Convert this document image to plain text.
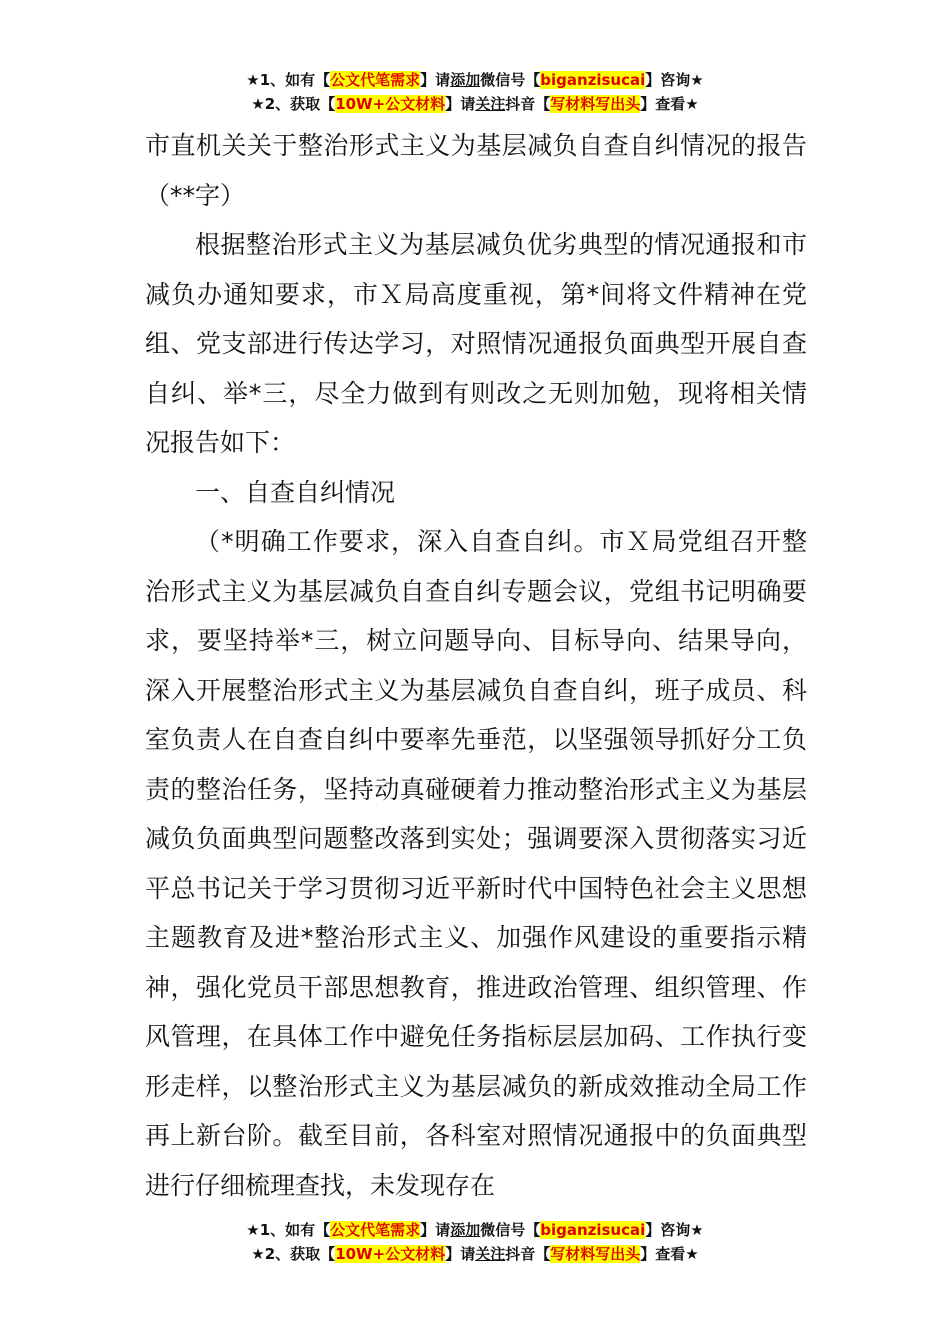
★1、如有【公文代笔需求】请添加微信号【biganzisucai】咨询★
★2、获取【10W+公文材料】请关注抖音【写材料写出头】查看★

市直机关关于整治形式主义为基层减负自查自纠情况的报告（**字）

根据整治形式主义为基层减负优劣典型的情况通报和市减负办通知要求，市Ｘ局高度重视，第*间将文件精神在党组、党支部进行传达学习，对照情况通报负面典型开展自查自纠、举*三，尽全力做到有则改之无则加勉，现将相关情况报告如下：

一、自查自纠情况

（*明确工作要求，深入自查自纠。市Ｘ局党组召开整治形式主义为基层减负自查自纠专题会议，党组书记明确要求，要坚持举*三，树立问题导向、目标导向、结果导向，深入开展整治形式主义为基层减负自查自纠，班子成员、科室负责人在自查自纠中要率先垂范，以坚强领导抓好分工负责的整治任务，坚持动真碰硬着力推动整治形式主义为基层减负负面典型问题整改落到实处；强调要深入贯彻落实习近平总书记关于学习贯彻习近平新时代中国特色社会主义思想主题教育及进*整治形式主义、加强作风建设的重要指示精神，强化党员干部思想教育，推进政治管理、组织管理、作风管理，在具体工作中避免任务指标层层加码、工作执行变形走样，以整治形式主义为基层减负的新成效推动全局工作再上新台阶。截至目前，各科室对照情况通报中的负面典型进行仔细梳理查找，未发现存在

★1、如有【公文代笔需求】请添加微信号【biganzisucai】咨询★
★2、获取【10W+公文材料】请关注抖音【写材料写出头】查看★
